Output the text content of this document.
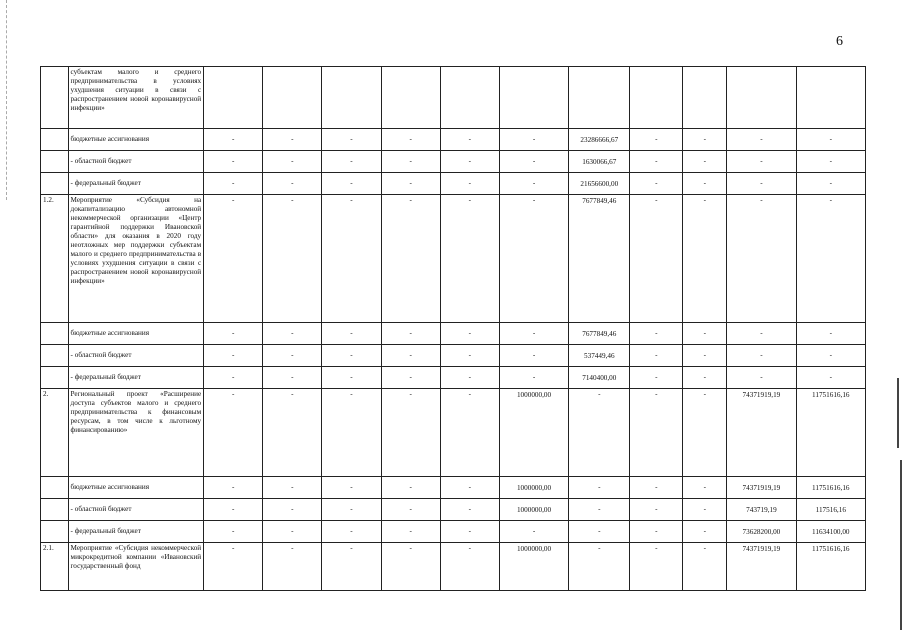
6
	субъектам малого и среднего предпринимательства в условиях ухудшения ситуации в связи с распространением новой коронавирусной инфекции»											
	бюджетные ассигнования	-	-	-	-	-	-	23286666,67	-	-	-	-
	- областной бюджет	-	-	-	-	-	-	1630066,67	-	-	-	-
	- федеральный бюджет	-	-	-	-	-	-	21656600,00	-	-	-	-
1.2.	Мероприятие «Субсидия на докапитализацию автономной некоммерческой организации «Центр гарантийной поддержки Ивановской области» для оказания в 2020 году неотложных мер поддержки субъектам малого и среднего предпринимательства в условиях ухудшения ситуации в связи с распространением новой коронавирусной инфекции»	-	-	-	-	-	-	7677849,46	-	-	-	-
	бюджетные ассигнования	-	-	-	-	-	-	7677849,46	-	-	-	-
	- областной бюджет	-	-	-	-	-	-	537449,46	-	-	-	-
	- федеральный бюджет	-	-	-	-	-	-	7140400,00	-	-	-	-
2.	Региональный проект «Расширение доступа субъектов малого и среднего предпринимательства к финансовым ресурсам, в том числе к льготному финансированию»	-	-	-	-	-	1000000,00	-	-	-	74371919,19	11751616,16
	бюджетные ассигнования	-	-	-	-	-	1000000,00	-	-	-	74371919,19	11751616,16
	- областной бюджет	-	-	-	-	-	1000000,00	-	-	-	743719,19	117516,16
	- федеральный бюджет	-	-	-	-	-	-	-	-	-	73628200,00	11634100,00
2.1.	Мероприятие «Субсидия некоммерческой микрокредитной компании «Ивановский государственный фонд	-	-	-	-	-	1000000,00	-	-	-	74371919,19	11751616,16
